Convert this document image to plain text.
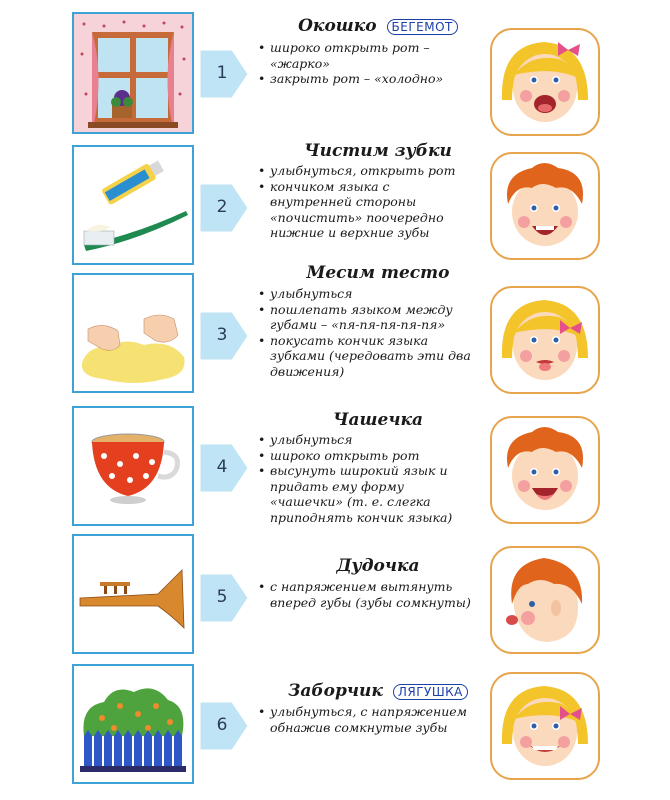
1
Окошко БЕГЕМОТ
• широко открыть рот – «жарко»
• закрыть рот – «холодно»
2
Чистим зубки
• улыбнуться, открыть рот
• кончиком языка с внутренней стороны «почистить» поочередно нижние и верхние зубы
3
Месим тесто
• улыбнуться
• пошлепать языком между губами – «пя-пя-пя-пя-пя»
• покусать кончик языка зубками (чередовать эти два движения)
4
Чашечка
• улыбнуться
• широко открыть рот
• высунуть широкий язык и придать ему форму «чашечки» (т. е. слегка приподнять кончик языка)
5
Дудочка
• с напряжением вытянуть вперед губы (зубы сомкнуты)
6
Заборчик ЛЯГУШКА
• улыбнуться, с напряжением обнажив сомкнутые зубы
